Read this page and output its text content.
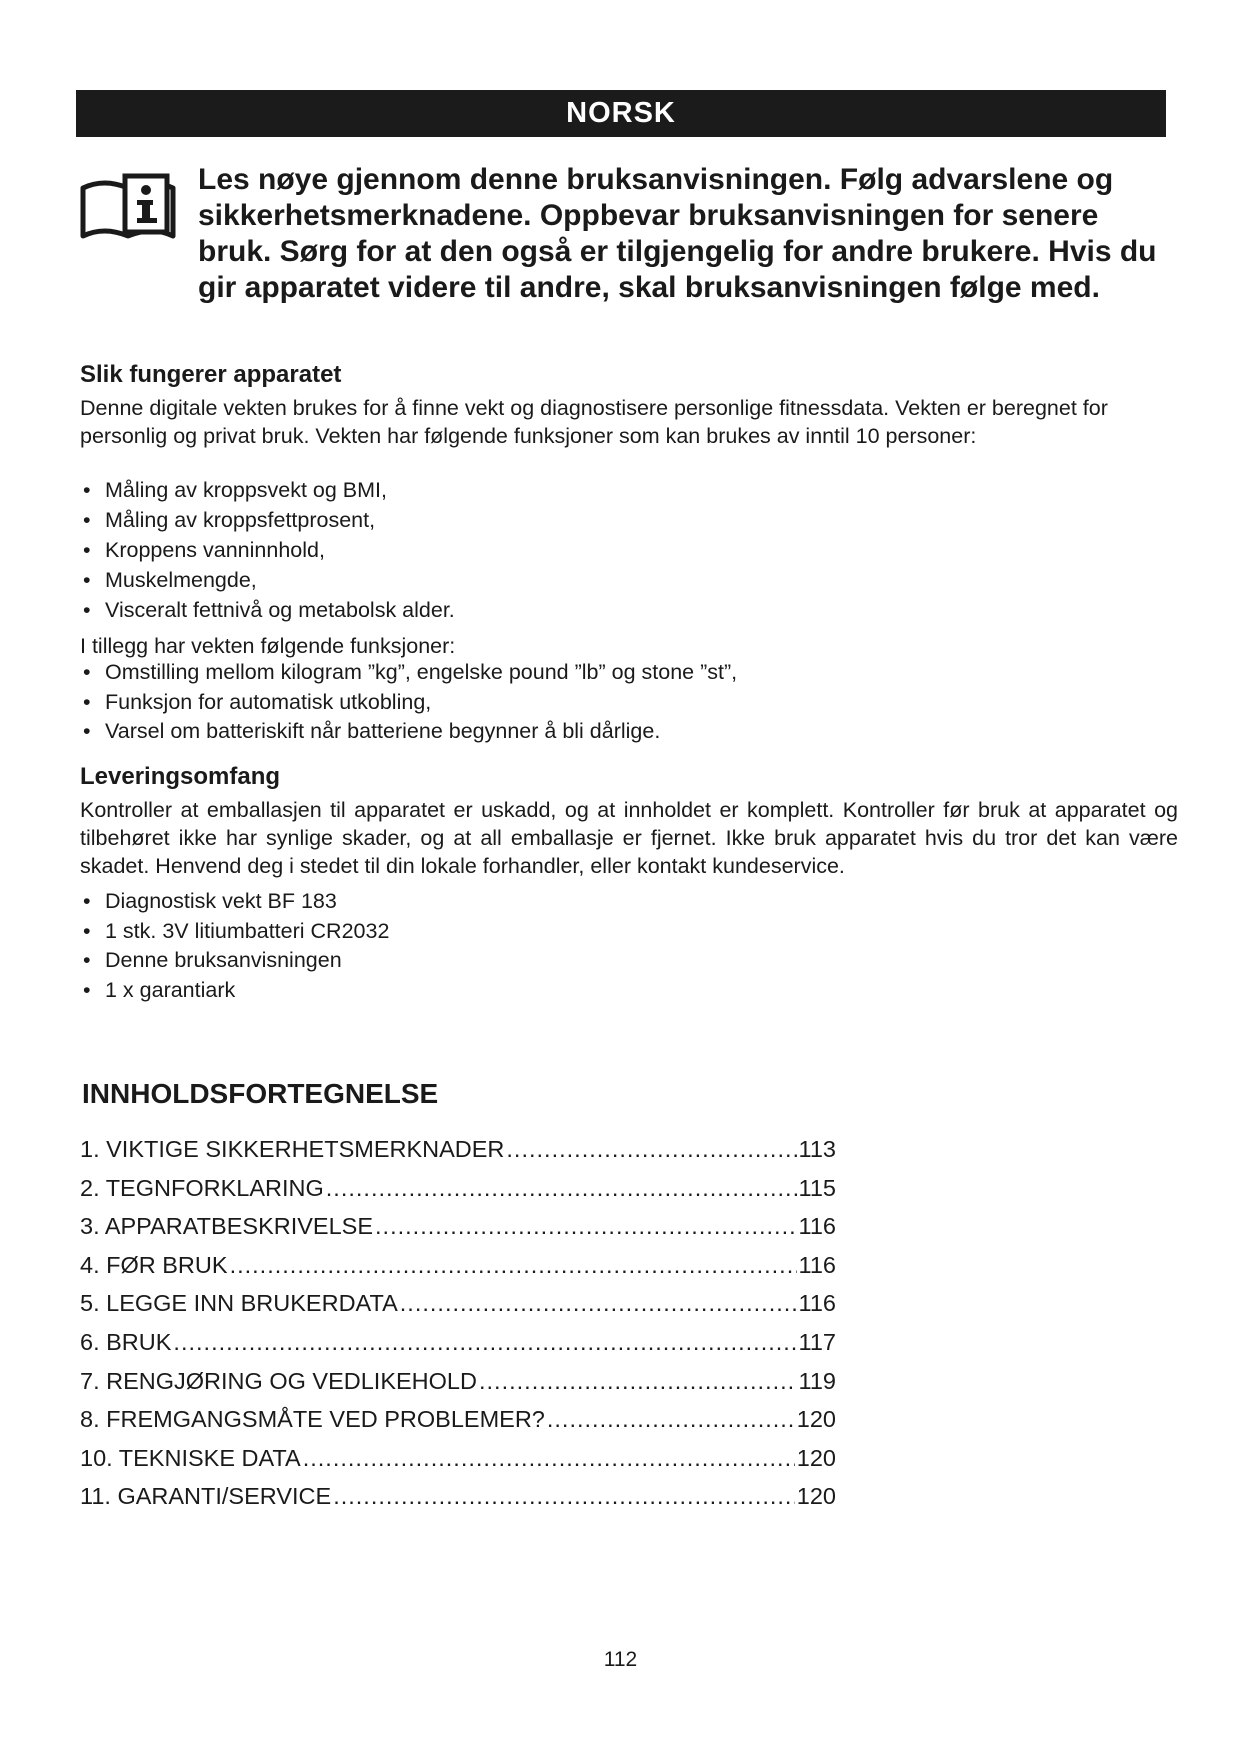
NORSK
Les nøye gjennom denne bruksanvisningen. Følg advarslene og sikkerhetsmerknadene. Oppbevar bruksanvisningen for senere bruk. Sørg for at den også er tilgjengelig for andre brukere. Hvis du gir apparatet videre til andre, skal bruksanvisningen følge med.
Slik fungerer apparatet
Denne digitale vekten brukes for å finne vekt og diagnostisere personlige fitnessdata. Vekten er beregnet for personlig og privat bruk. Vekten har følgende funksjoner som kan brukes av inntil 10 personer:
• Måling av kroppsvekt og BMI,
• Måling av kroppsfettprosent,
• Kroppens vanninnhold,
• Muskelmengde,
• Visceralt fettnivå og metabolsk alder.
I tillegg har vekten følgende funksjoner:
• Omstilling mellom kilogram ”kg”, engelske pound ”lb” og stone ”st”,
• Funksjon for automatisk utkobling,
• Varsel om batteriskift når batteriene begynner å bli dårlige.
Leveringsomfang
Kontroller at emballasjen til apparatet er uskadd, og at innholdet er komplett. Kontroller før bruk at apparatet og tilbehøret ikke har synlige skader, og at all emballasje er fjernet. Ikke bruk apparatet hvis du tror det kan være skadet. Henvend deg i stedet til din lokale forhandler, eller kontakt kundeservice.
• Diagnostisk vekt BF 183
• 1 stk. 3V litiumbatteri CR2032
• Denne bruksanvisningen
• 1 x garantiark
INNHOLDSFORTEGNELSE
1. VIKTIGE SIKKERHETSMERKNADER .....	113
2. TEGNFORKLARING .....	115
3. APPARATBESKRIVELSE .....	116
4. FØR BRUK .....	116
5. LEGGE INN BRUKERDATA .....	116
6. BRUK .....	117
7. RENGJØRING OG VEDLIKEHOLD .....	119
8. FREMGANGSMÅTE VED PROBLEMER? .....	120
10. TEKNISKE DATA .....	120
11. GARANTI/SERVICE .....	120
112
